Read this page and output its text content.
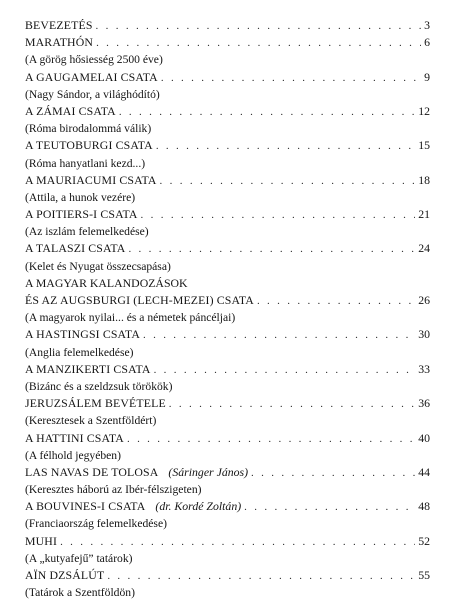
BEVEZETÉS . . .	3
MARATHÓN . . .	6
(A görög hősiesség 2500 éve)
A GAUGAMELAI CSATA . . .	9
(Nagy Sándor, a világhódító)
A ZÁMAI CSATA . . .	12
(Róma birodalommá válik)
A TEUTOBURGI CSATA . . .	15
(Róma hanyatlani kezd...)
A MAURIACUMI CSATA . . .	18
(Attila, a hunok vezére)
A POITIERS-I CSATA . . .	21
(Az iszlám felemelkedése)
A TALASZI CSATA . . .	24
(Kelet és Nyugat összecsapása)
A MAGYAR KALANDOZÁSOK
ÉS AZ AUGSBURGI (LECH-MEZEI) CSATA . . .	26
(A magyarok nyilai... és a németek páncéljai)
A HASTINGSI CSATA . . .	30
(Anglia felemelkedése)
A MANZIKERTI CSATA . . .	33
(Bizánc és a szeldzsuk törökök)
JERUZSÁLEM BEVÉTELE . . .	36
(Keresztesek a Szentföldért)
A HATTINI CSATA . . .	40
(A félhold jegyében)
LAS NAVAS DE TOLOSA (Sáringer János) . . .	44
(Keresztes háború az Ibér-félszigeten)
A BOUVINES-I CSATA (dr. Kordé Zoltán) . . .	48
(Franciaország felemelkedése)
MUHI . . .	52
(A „kutyafejű” tatárok)
AÏN DZSÁLÚT . . .	55
(Tatárok a Szentföldön)
